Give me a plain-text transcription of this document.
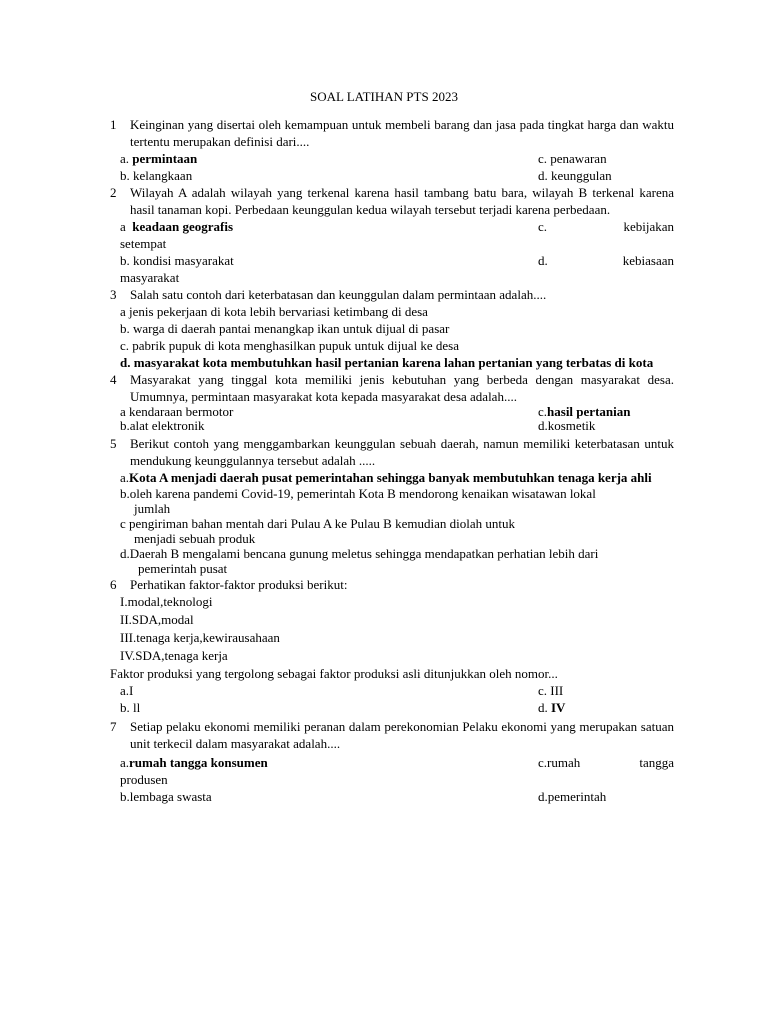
SOAL LATIHAN PTS 2023
1 Keinginan yang disertai oleh kemampuan untuk membeli barang dan jasa pada tingkat harga dan waktu tertentu merupakan definisi dari....
a. permintaan	c. penawaran
b. kelangkaan	d. keunggulan
2 Wilayah A adalah wilayah yang terkenal karena hasil tambang batu bara, wilayah B terkenal karena hasil tanaman kopi. Perbedaan keunggulan kedua wilayah tersebut terjadi karena perbedaan.
a  keadaan geografis	c.	kebijakan
setempat
b. kondisi masyarakat	d.	kebiasaan
masyarakat
3 Salah satu contoh dari keterbatasan dan keunggulan dalam permintaan adalah....
a jenis pekerjaan di kota lebih bervariasi ketimbang di desa
b. warga di daerah pantai menangkap ikan untuk dijual di pasar
c. pabrik pupuk di kota menghasilkan pupuk untuk dijual ke desa
d. masyarakat kota membutuhkan hasil pertanian karena lahan pertanian yang terbatas di kota
4 Masyarakat yang tinggal kota memiliki jenis kebutuhan yang berbeda dengan masyarakat desa. Umumnya, permintaan masyarakat kota kepada masyarakat desa adalah....
a kendaraan bermotor	c.hasil pertanian
b.alat elektronik	d.kosmetik
5 Berikut contoh yang menggambarkan keunggulan sebuah daerah, namun memiliki keterbatasan untuk mendukung keunggulannya tersebut adalah .....
a.Kota A menjadi daerah pusat pemerintahan sehingga banyak membutuhkan tenaga kerja ahli
b.oleh karena pandemi Covid-19, pemerintah Kota B mendorong kenaikan wisatawan lokal
jumlah
c pengiriman bahan mentah dari Pulau A ke Pulau B kemudian diolah untuk
menjadi sebuah produk
d.Daerah B mengalami bencana gunung meletus sehingga mendapatkan perhatian lebih dari
pemerintah pusat
6 Perhatikan faktor-faktor produksi berikut:
I.modal,teknologi
II.SDA,modal
III.tenaga kerja,kewirausahaan
IV.SDA,tenaga kerja
Faktor produksi yang tergolong sebagai faktor produksi asli ditunjukkan oleh nomor...
a.I	c. III
b. ll	d. IV
7 Setiap pelaku ekonomi memiliki peranan dalam perekonomian Pelaku ekonomi yang merupakan satuan unit terkecil dalam masyarakat adalah....
a.rumah tangga konsumen	c.rumah	tangga
produsen
b.lembaga swasta	d.pemerintah
